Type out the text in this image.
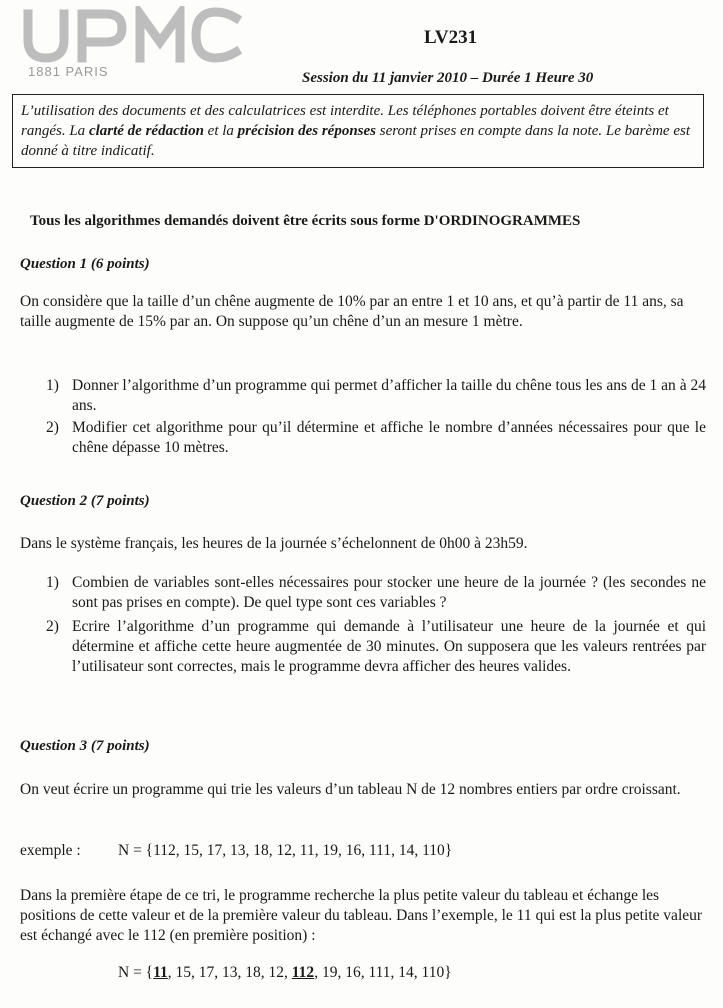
1881 PARIS
LV231
Session du 11 janvier 2010 – Durée 1 Heure 30
L’utilisation des documents et des calculatrices est interdite. Les téléphones portables doivent être éteints et rangés. La clarté de rédaction et la précision des réponses seront prises en compte dans la note. Le barème est donné à titre indicatif.
Tous les algorithmes demandés doivent être écrits sous forme D'ORDINOGRAMMES
Question 1 (6 points)
On considère que la taille d’un chêne augmente de 10% par an entre 1 et 10 ans, et qu’à partir de 11 ans, sa taille augmente de 15% par an. On suppose qu’un chêne d’un an mesure 1 mètre.
1) Donner l’algorithme d’un programme qui permet d’afficher la taille du chêne tous les ans de 1 an à 24 ans.
2) Modifier cet algorithme pour qu’il détermine et affiche le nombre d’années nécessaires pour que le chêne dépasse 10 mètres.
Question 2 (7 points)
Dans le système français, les heures de la journée s’échelonnent de 0h00 à 23h59.
1) Combien de variables sont-elles nécessaires pour stocker une heure de la journée ? (les secondes ne sont pas prises en compte). De quel type sont ces variables ?
2) Ecrire l’algorithme d’un programme qui demande à l’utilisateur une heure de la journée et qui détermine et affiche cette heure augmentée de 30 minutes. On supposera que les valeurs rentrées par l’utilisateur sont correctes, mais le programme devra afficher des heures valides.
Question 3 (7 points)
On veut écrire un programme qui trie les valeurs d’un tableau N de 12 nombres entiers par ordre croissant.
exemple : N = {112, 15, 17, 13, 18, 12, 11, 19, 16, 111, 14, 110}
Dans la première étape de ce tri, le programme recherche la plus petite valeur du tableau et échange les positions de cette valeur et de la première valeur du tableau. Dans l’exemple, le 11 qui est la plus petite valeur est échangé avec le 112 (en première position) :
N = {11, 15, 17, 13, 18, 12, 112, 19, 16, 111, 14, 110}
